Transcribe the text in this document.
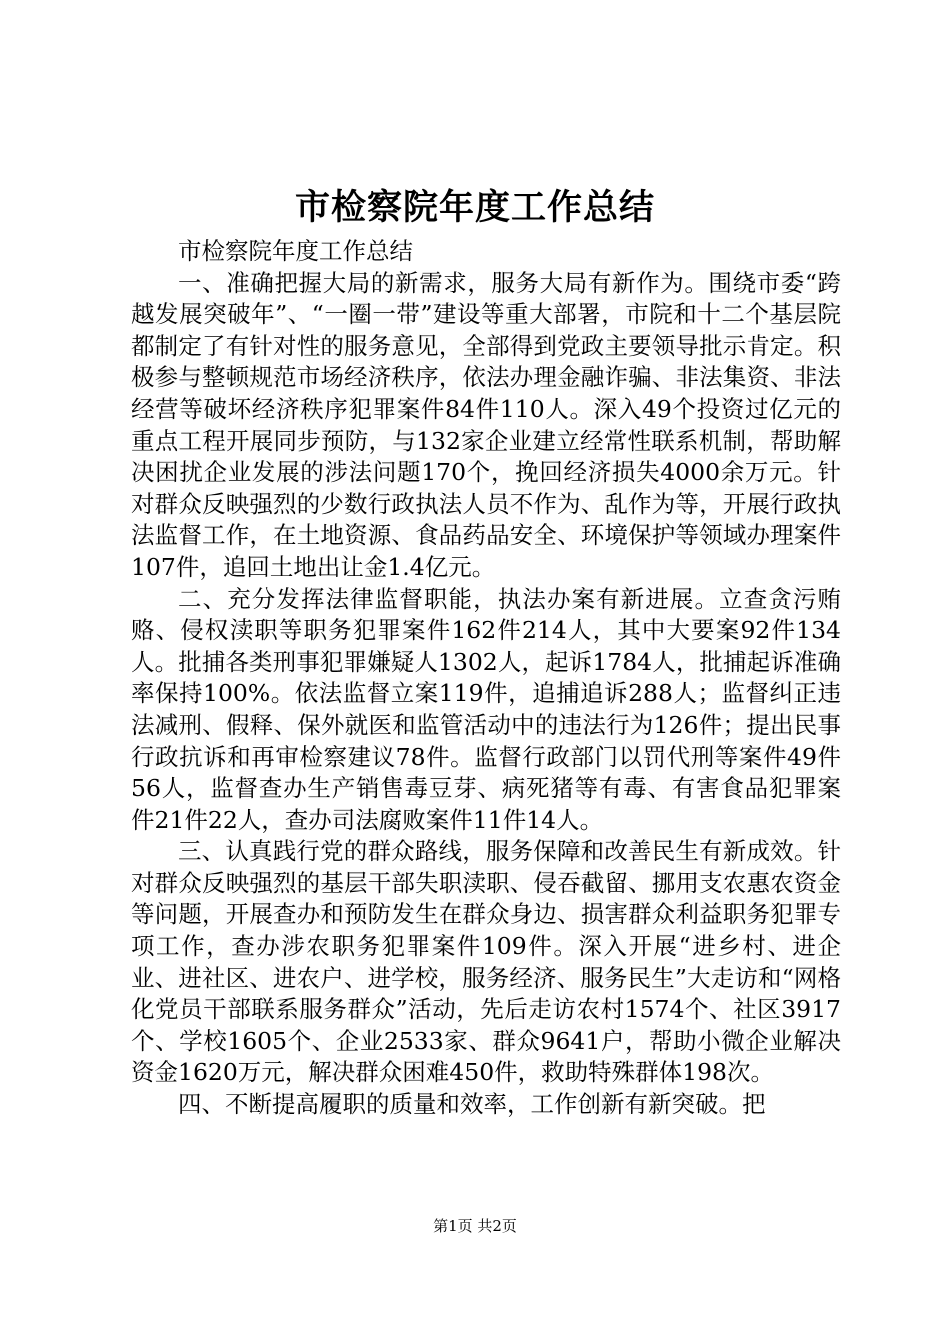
市检察院年度工作总结

市检察院年度工作总结

一、准确把握大局的新需求，服务大局有新作为。围绕市委“跨越发展突破年”、“一圈一带”建设等重大部署，市院和十二个基层院都制定了有针对性的服务意见，全部得到党政主要领导批示肯定。积极参与整顿规范市场经济秩序，依法办理金融诈骗、非法集资、非法经营等破坏经济秩序犯罪案件84件110人。深入49个投资过亿元的重点工程开展同步预防，与132家企业建立经常性联系机制，帮助解决困扰企业发展的涉法问题170个，挽回经济损失4000余万元。针对群众反映强烈的少数行政执法人员不作为、乱作为等，开展行政执法监督工作，在土地资源、食品药品安全、环境保护等领域办理案件107件，追回土地出让金1.4亿元。

二、充分发挥法律监督职能，执法办案有新进展。立查贪污贿赂、侵权渎职等职务犯罪案件162件214人，其中大要案92件134人。批捕各类刑事犯罪嫌疑人1302人，起诉1784人，批捕起诉准确率保持100%。依法监督立案119件，追捕追诉288人；监督纠正违法减刑、假释、保外就医和监管活动中的违法行为126件；提出民事行政抗诉和再审检察建议78件。监督行政部门以罚代刑等案件49件56人，监督查办生产销售毒豆芽、病死猪等有毒、有害食品犯罪案件21件22人，查办司法腐败案件11件14人。

三、认真践行党的群众路线，服务保障和改善民生有新成效。针对群众反映强烈的基层干部失职渎职、侵吞截留、挪用支农惠农资金等问题，开展查办和预防发生在群众身边、损害群众利益职务犯罪专项工作，查办涉农职务犯罪案件109件。深入开展“进乡村、进企业、进社区、进农户、进学校，服务经济、服务民生”大走访和“网格化党员干部联系服务群众”活动，先后走访农村1574个、社区3917个、学校1605个、企业2533家、群众9641户，帮助小微企业解决资金1620万元，解决群众困难450件，救助特殊群体198次。

四、不断提高履职的质量和效率，工作创新有新突破。把

第1页 共2页
